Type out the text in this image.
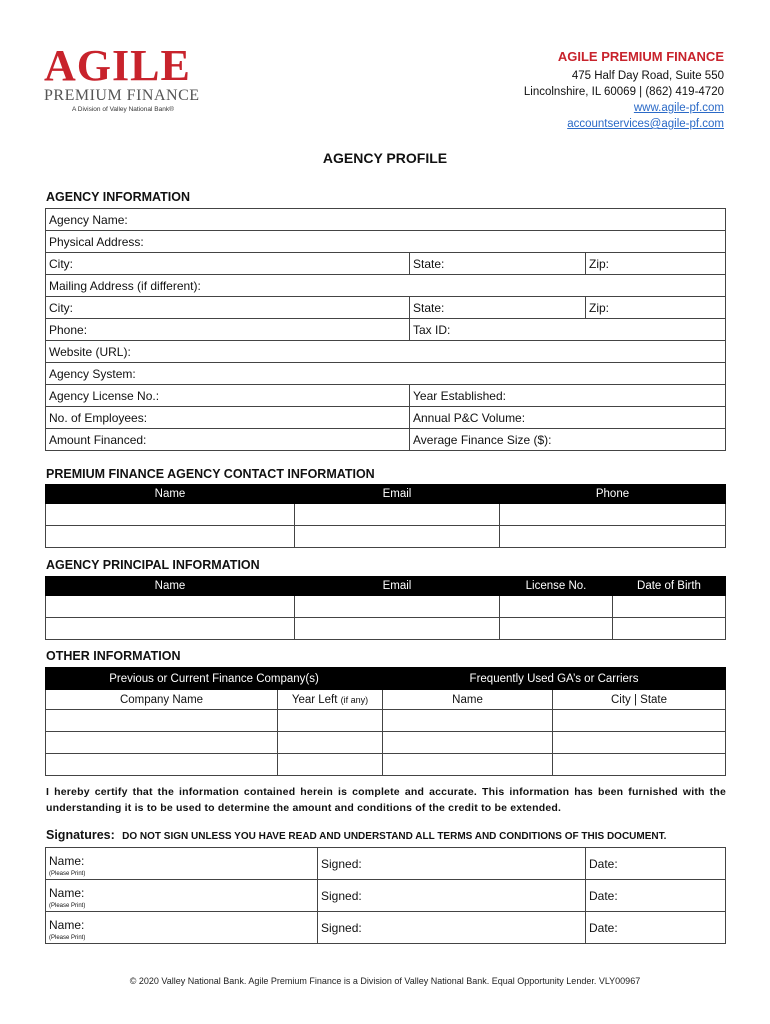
AGILE
PREMIUM FINANCE
A Division of Valley National Bank®
AGILE PREMIUM FINANCE
475 Half Day Road, Suite 550
Lincolnshire, IL 60069 | (862) 419-4720
www.agile-pf.com
accountservices@agile-pf.com
AGENCY PROFILE
AGENCY INFORMATION
Agency Name:		
Physical Address:		
City:	State:	Zip:
Mailing Address (if different):		
City:	State:	Zip:
Phone:	Tax ID:	
Website (URL):		
Agency System:		
Agency License No.:	Year Established:	
No. of Employees:	Annual P&C Volume:	
Amount Financed:	Average Finance Size ($):	
PREMIUM FINANCE AGENCY CONTACT INFORMATION
Name	Email	Phone

AGENCY PRINCIPAL INFORMATION
Name	Email	License No.	Date of Birth

OTHER INFORMATION
Previous or Current Finance Company(s)		Frequently Used GA’s or Carriers	
Company Name	Year Left (if any)	Name	City | State

I hereby certify that the information contained herein is complete and accurate. This information has been furnished with the understanding it is to be used to determine the amount and conditions of the credit to be extended.
Signatures: DO NOT SIGN UNLESS YOU HAVE READ AND UNDERSTAND ALL TERMS AND CONDITIONS OF THIS DOCUMENT.
Name:
(Please Print)	Signed:	Date:
Name:
(Please Print)	Signed:	Date:
Name:
(Please Print)	Signed:	Date:
© 2020 Valley National Bank. Agile Premium Finance is a Division of Valley National Bank. Equal Opportunity Lender. VLY00967
